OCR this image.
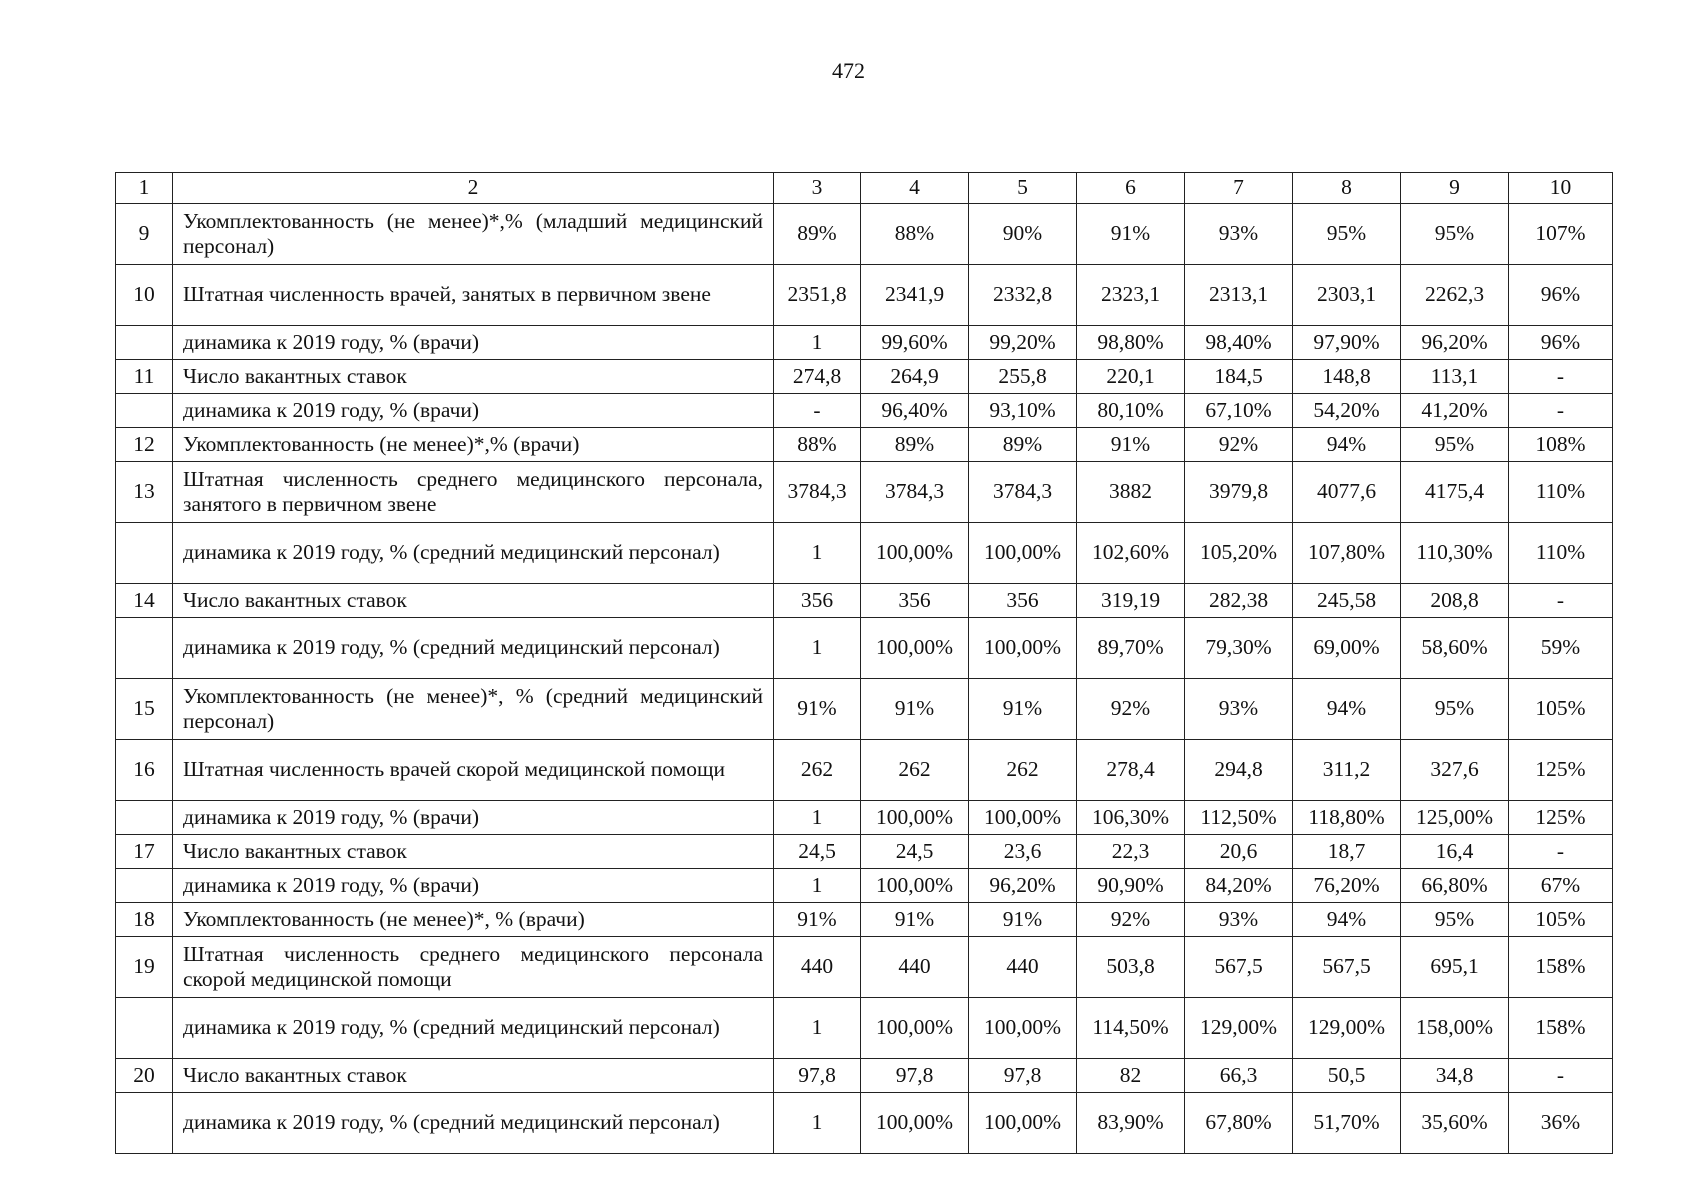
472
1	2	3	4	5	6	7	8	9	10
9	Укомплектованность (не менее)*,% (младший медицинский персонал)	89%	88%	90%	91%	93%	95%	95%	107%
10	Штатная численность врачей, занятых в первичном звене	2351,8	2341,9	2332,8	2323,1	2313,1	2303,1	2262,3	96%
	динамика к 2019 году, % (врачи)	1	99,60%	99,20%	98,80%	98,40%	97,90%	96,20%	96%
11	Число вакантных ставок	274,8	264,9	255,8	220,1	184,5	148,8	113,1	-
	динамика к 2019 году, % (врачи)	-	96,40%	93,10%	80,10%	67,10%	54,20%	41,20%	-
12	Укомплектованность (не менее)*,% (врачи)	88%	89%	89%	91%	92%	94%	95%	108%
13	Штатная численность среднего медицинского персонала, занятого в первичном звене	3784,3	3784,3	3784,3	3882	3979,8	4077,6	4175,4	110%
	динамика к 2019 году, % (средний медицинский персонал)	1	100,00%	100,00%	102,60%	105,20%	107,80%	110,30%	110%
14	Число вакантных ставок	356	356	356	319,19	282,38	245,58	208,8	-
	динамика к 2019 году, % (средний медицинский персонал)	1	100,00%	100,00%	89,70%	79,30%	69,00%	58,60%	59%
15	Укомплектованность (не менее)*, % (средний медицинский персонал)	91%	91%	91%	92%	93%	94%	95%	105%
16	Штатная численность врачей скорой медицинской помощи	262	262	262	278,4	294,8	311,2	327,6	125%
	динамика к 2019 году, % (врачи)	1	100,00%	100,00%	106,30%	112,50%	118,80%	125,00%	125%
17	Число вакантных ставок	24,5	24,5	23,6	22,3	20,6	18,7	16,4	-
	динамика к 2019 году, % (врачи)	1	100,00%	96,20%	90,90%	84,20%	76,20%	66,80%	67%
18	Укомплектованность (не менее)*, % (врачи)	91%	91%	91%	92%	93%	94%	95%	105%
19	Штатная численность среднего медицинского персонала скорой медицинской помощи	440	440	440	503,8	567,5	567,5	695,1	158%
	динамика к 2019 году, % (средний медицинский персонал)	1	100,00%	100,00%	114,50%	129,00%	129,00%	158,00%	158%
20	Число вакантных ставок	97,8	97,8	97,8	82	66,3	50,5	34,8	-
	динамика к 2019 году, % (средний медицинский персонал)	1	100,00%	100,00%	83,90%	67,80%	51,70%	35,60%	36%
